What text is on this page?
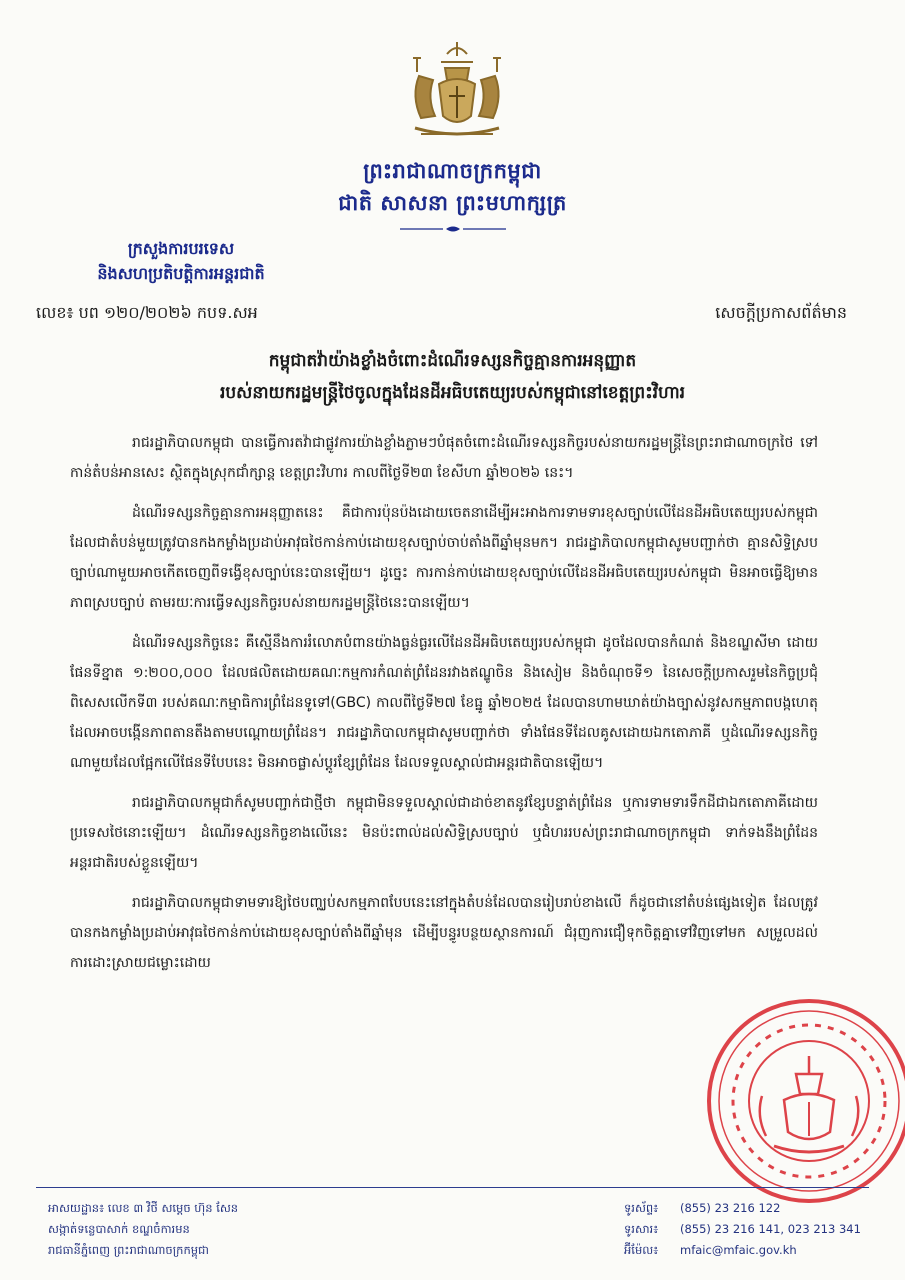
ព្រះរាជាណាចក្រកម្ពុជា
ជាតិ សាសនា ព្រះមហាក្សត្រ
ក្រសួងការបរទេស
និងសហប្រតិបត្តិការអន្តរជាតិ
លេខ៖ បព ១២០/២០២៦ កបទ.សអ	សេចក្តីប្រកាសព័ត៌មាន
កម្ពុជាតវ៉ាយ៉ាងខ្លាំងចំពោះដំណើរទស្សនកិច្ចគ្មានការអនុញ្ញាត
របស់នាយករដ្ឋមន្ត្រីថៃចូលក្នុងដែនដីអធិបតេយ្យរបស់កម្ពុជានៅខេត្តព្រះវិហារ

រាជរដ្ឋាភិបាលកម្ពុជា បានធ្វើការតវ៉ាជាផ្លូវការយ៉ាងខ្លាំងភ្លាមៗបំផុតចំពោះដំណើរទស្សនកិច្ចរបស់នាយករដ្ឋមន្ត្រីនៃព្រះរាជាណាចក្រថៃ ទៅកាន់តំបន់អានសេះ ស្ថិតក្នុងស្រុកជាំក្សាន្ត ខេត្តព្រះវិហារ កាលពីថ្ងៃទី២៣ ខែសីហា ឆ្នាំ២០២៦ នេះ។

ដំណើរទស្សនកិច្ចគ្មានការអនុញ្ញាតនេះ គឺជាការប៉ុនប៉ងដោយចេតនាដើម្បីអះអាងការទាមទារខុសច្បាប់លើដែនដីអធិបតេយ្យរបស់កម្ពុជា ដែលជាតំបន់មួយត្រូវបានកងកម្លាំងប្រដាប់អាវុធថៃកាន់កាប់ដោយខុសច្បាប់ចាប់តាំងពីឆ្នាំមុនមក។ រាជរដ្ឋាភិបាលកម្ពុជាសូមបញ្ជាក់ថា គ្មានសិទ្ធិស្របច្បាប់ណាមួយអាចកើតចេញពីទង្វើខុសច្បាប់នេះបានឡើយ។ ដូច្នេះ ការកាន់កាប់ដោយខុសច្បាប់លើដែនដីអធិបតេយ្យរបស់កម្ពុជា មិនអាចធ្វើឱ្យមានភាពស្របច្បាប់ តាមរយៈការធ្វើទស្សនកិច្ចរបស់នាយករដ្ឋមន្ត្រីថៃនេះបានឡើយ។

ដំណើរទស្សនកិច្ចនេះ គឺស្មើនឹងការរំលោភបំពានយ៉ាងធ្ងន់ធ្ងរលើដែនដីអធិបតេយ្យរបស់កម្ពុជា ដូចដែលបានកំណត់ និងខណ្ឌសីមា ដោយផែនទីខ្នាត ១:២០០,០០០ ដែលផលិតដោយគណៈកម្មការកំណត់ព្រំដែនរវាងឥណ្ឌូចិន និងសៀម និងចំណុចទី១ នៃសេចក្តីប្រកាសរួមនៃកិច្ចប្រជុំពិសេសលើកទី៣ របស់គណៈកម្មាធិការព្រំដែនទូទៅ(GBC) កាលពីថ្ងៃទី២៧ ខែធ្នូ ឆ្នាំ២០២៥ ដែលបានហាមឃាត់យ៉ាងច្បាស់នូវសកម្មភាពបង្កហេតុដែលអាចបង្កើនភាពតានតឹងតាមបណ្តោយព្រំដែន។ រាជរដ្ឋាភិបាលកម្ពុជាសូមបញ្ជាក់ថា ទាំងផែនទីដែលគូសដោយឯកតោភាគី ឬដំណើរទស្សនកិច្ចណាមួយដែលផ្អែកលើផែនទីបែបនេះ មិនអាចផ្លាស់ប្តូរខ្សែព្រំដែន ដែលទទួលស្គាល់ជាអន្តរជាតិបានឡើយ។

រាជរដ្ឋាភិបាលកម្ពុជាក៏សូមបញ្ជាក់ជាថ្មីថា កម្ពុជាមិនទទួលស្គាល់ជាដាច់ខាតនូវខ្សែបន្ទាត់ព្រំដែន ឬការទាមទារទឹកដីជាឯកតោភាគីដោយប្រទេសថៃនោះឡើយ។ ដំណើរទស្សនកិច្ចខាងលើនេះ មិនប៉ះពាល់ដល់សិទ្ធិស្របច្បាប់ ឬជំហររបស់ព្រះរាជាណាចក្រកម្ពុជា ទាក់ទងនឹងព្រំដែនអន្តរជាតិរបស់ខ្លួនឡើយ។

រាជរដ្ឋាភិបាលកម្ពុជាទាមទារឱ្យថៃបញ្ឈប់សកម្មភាពបែបនេះនៅក្នុងតំបន់ដែលបានរៀបរាប់ខាងលើ ក៏ដូចជានៅតំបន់ផ្សេងទៀត ដែលត្រូវបានកងកម្លាំងប្រដាប់អាវុធថៃកាន់កាប់ដោយខុសច្បាប់តាំងពីឆ្នាំមុន ដើម្បីបន្ធូរបន្ថយស្ថានការណ៍ ជំរុញការជឿទុកចិត្តគ្នាទៅវិញទៅមក សម្រួលដល់ការដោះស្រាយជម្លោះដោយ

អាសយដ្ឋាន៖ លេខ ៣ វិថី សម្តេច ហ៊ុន សែន
សង្កាត់ទន្លេបាសាក់ ខណ្ឌចំការមន
រាជធានីភ្នំពេញ ព្រះរាជាណាចក្រកម្ពុជា
ទូរស័ព្ទ៖	(855) 23 216 122
ទូរសារ៖	(855) 23 216 141, 023 213 341
អ៊ីម៉ែល៖	mfaic@mfaic.gov.kh
